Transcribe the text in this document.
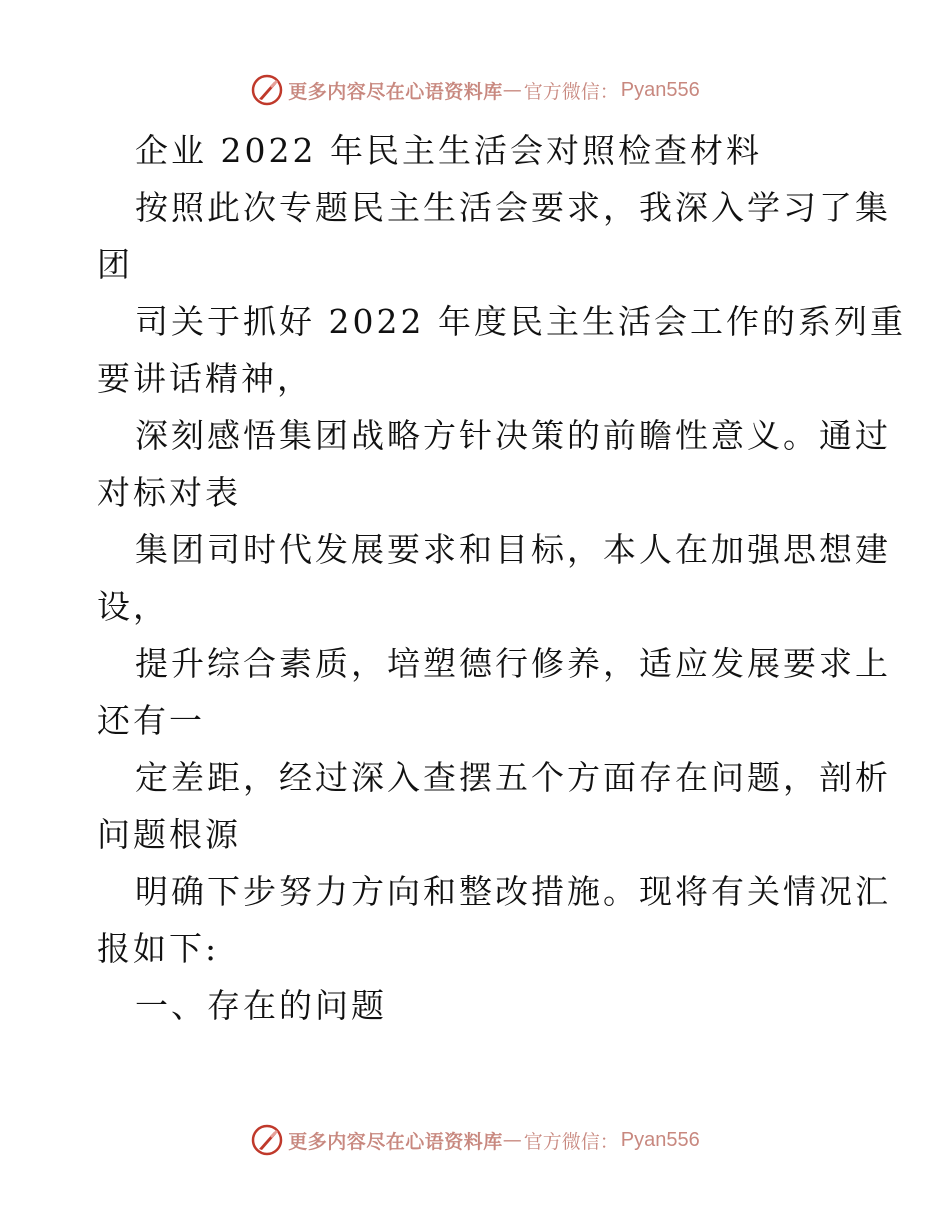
更多内容尽在心语资料库 — 官方微信： Pyan556
企业 2022 年民主生活会对照检查材料
按照此次专题民主生活会要求，我深入学习了集
团
司关于抓好 2022 年度民主生活会工作的系列重
要讲话精神，
深刻感悟集团战略方针决策的前瞻性意义。通过
对标对表
集团司时代发展要求和目标，本人在加强思想建
设，
提升综合素质，培塑德行修养，适应发展要求上
还有一
定差距，经过深入查摆五个方面存在问题，剖析
问题根源
明确下步努力方向和整改措施。现将有关情况汇
报如下:
一、存在的问题
更多内容尽在心语资料库 — 官方微信： Pyan556
